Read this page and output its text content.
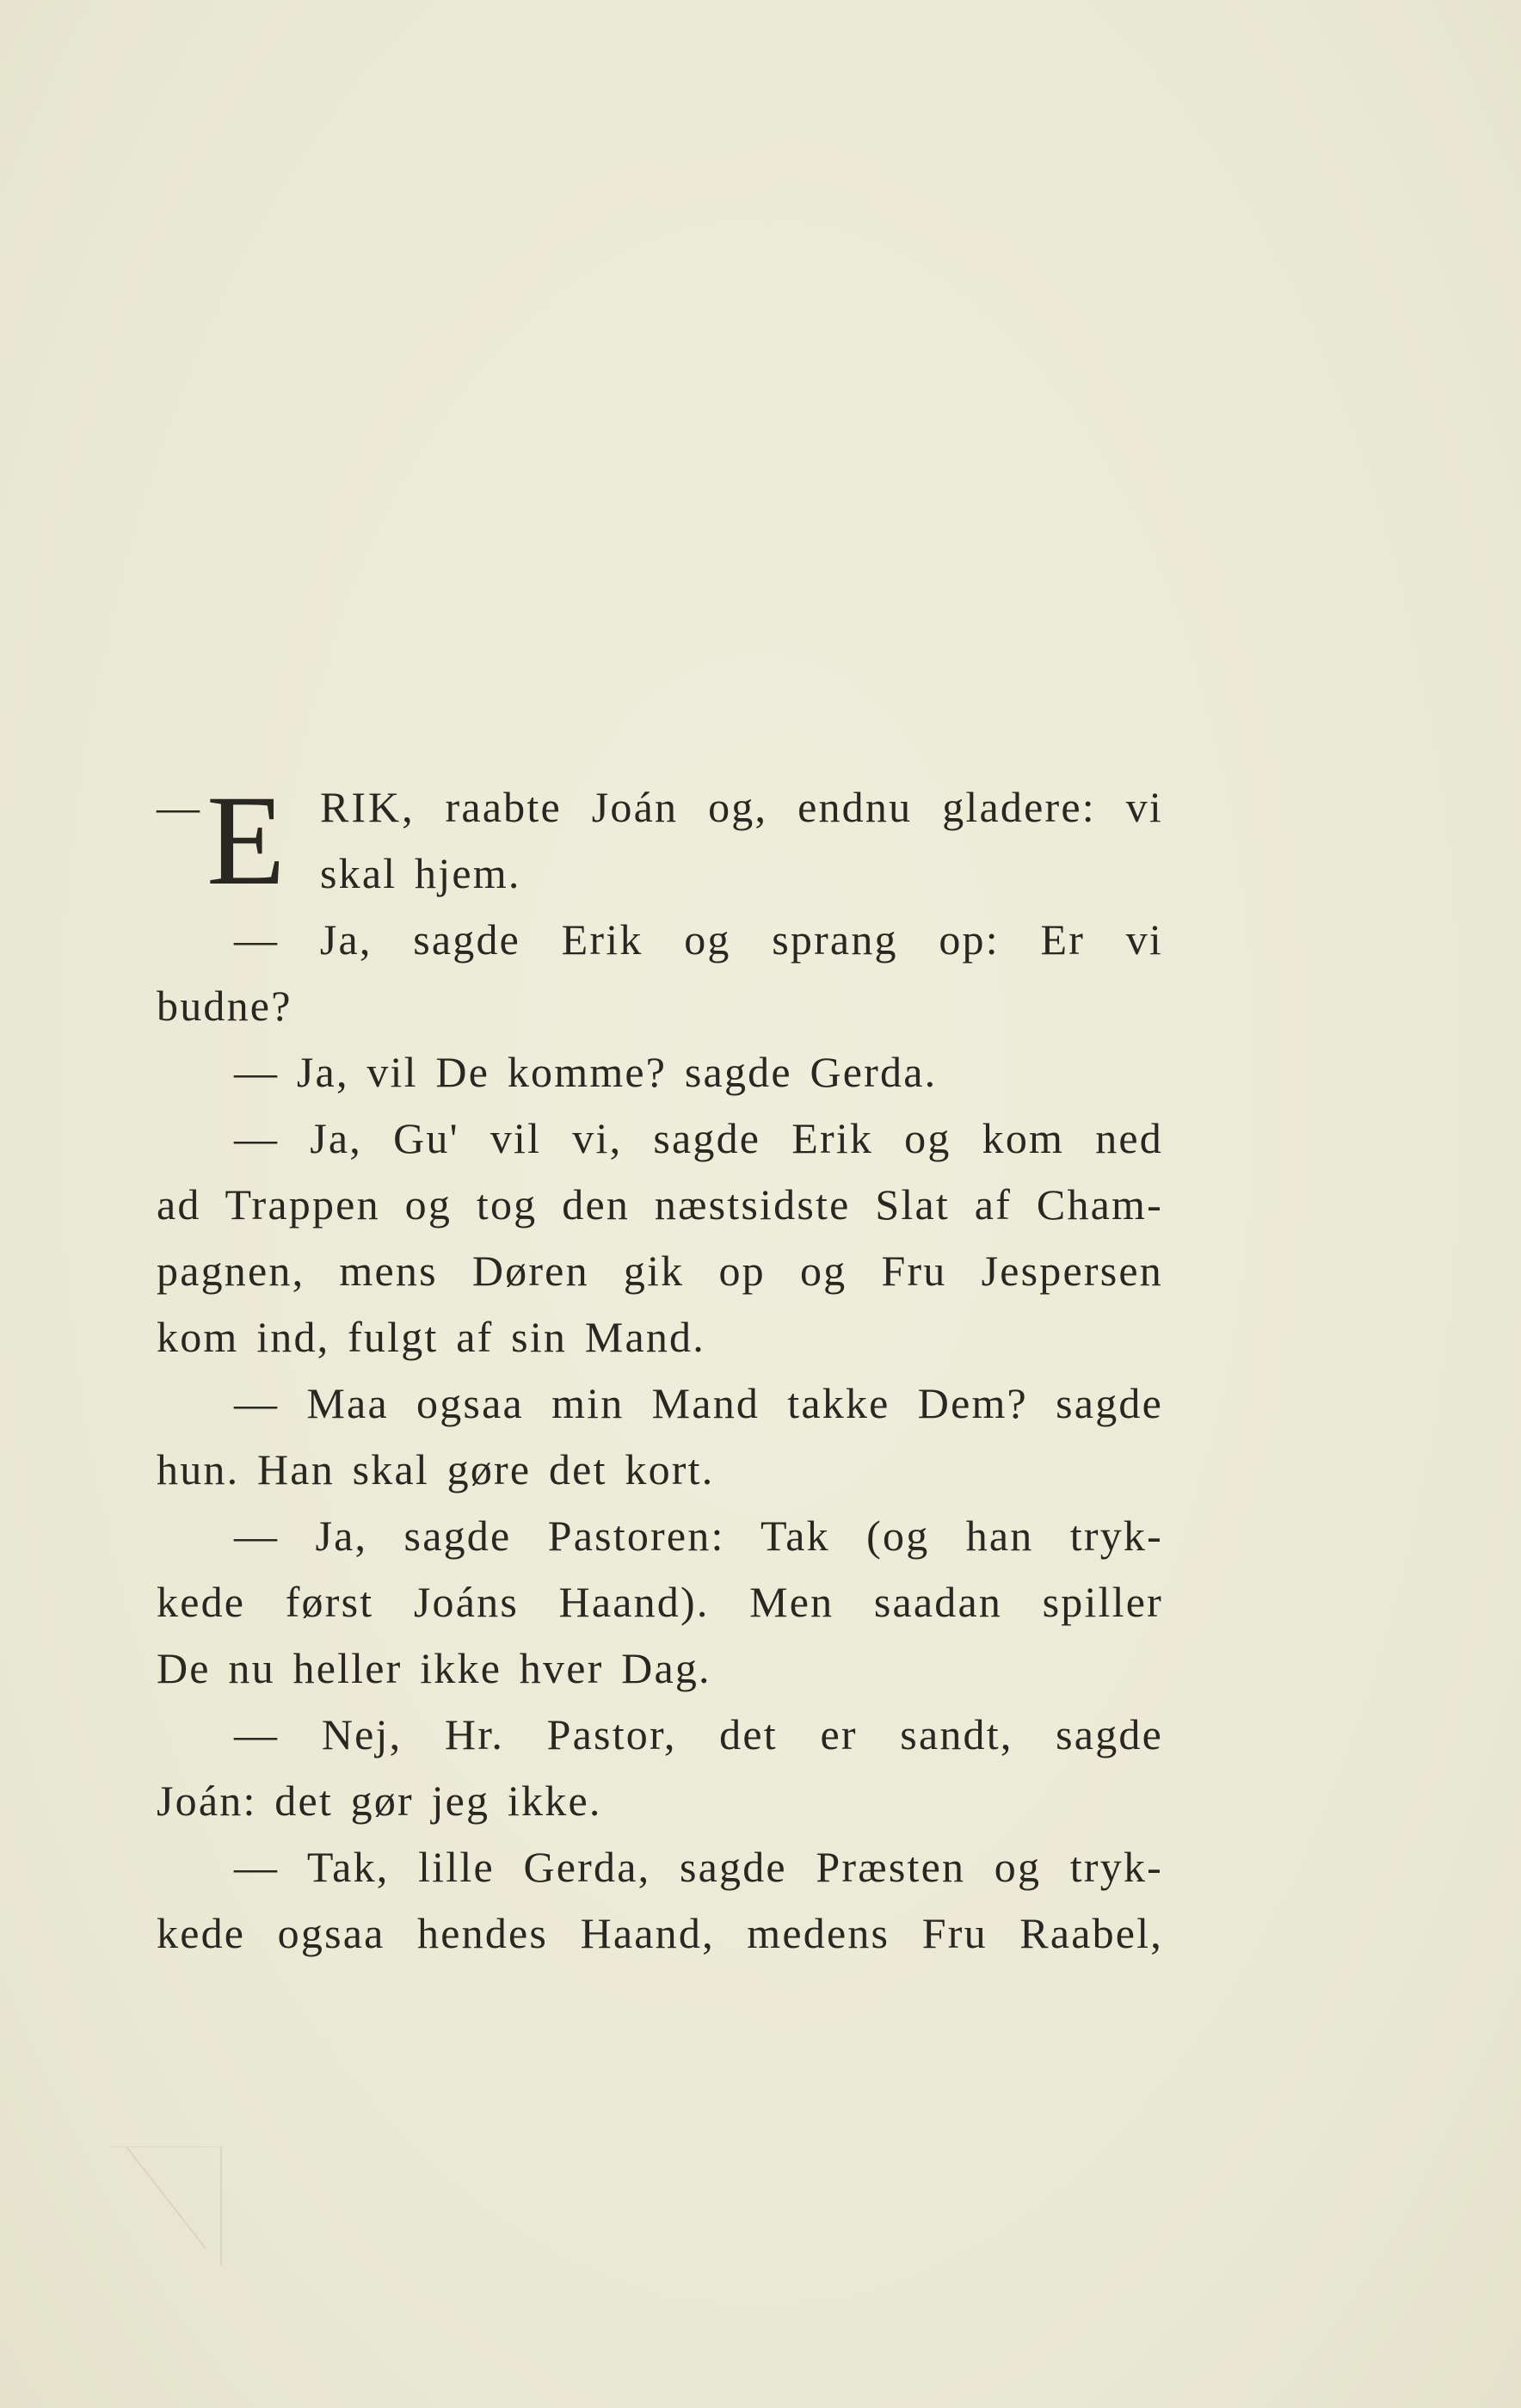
— E RIK, raabte Joán og, endnu gladere: vi
skal hjem.
— Ja, sagde Erik og sprang op: Er vi
budne?
— Ja, vil De komme? sagde Gerda.
— Ja, Gu' vil vi, sagde Erik og kom ned
ad Trappen og tog den næstsidste Slat af Cham-
pagnen, mens Døren gik op og Fru Jespersen
kom ind, fulgt af sin Mand.
— Maa ogsaa min Mand takke Dem? sagde
hun. Han skal gøre det kort.
— Ja, sagde Pastoren: Tak (og han tryk-
kede først Joáns Haand). Men saadan spiller
De nu heller ikke hver Dag.
— Nej, Hr. Pastor, det er sandt, sagde
Joán: det gør jeg ikke.
— Tak, lille Gerda, sagde Præsten og tryk-
kede ogsaa hendes Haand, medens Fru Raabel,
